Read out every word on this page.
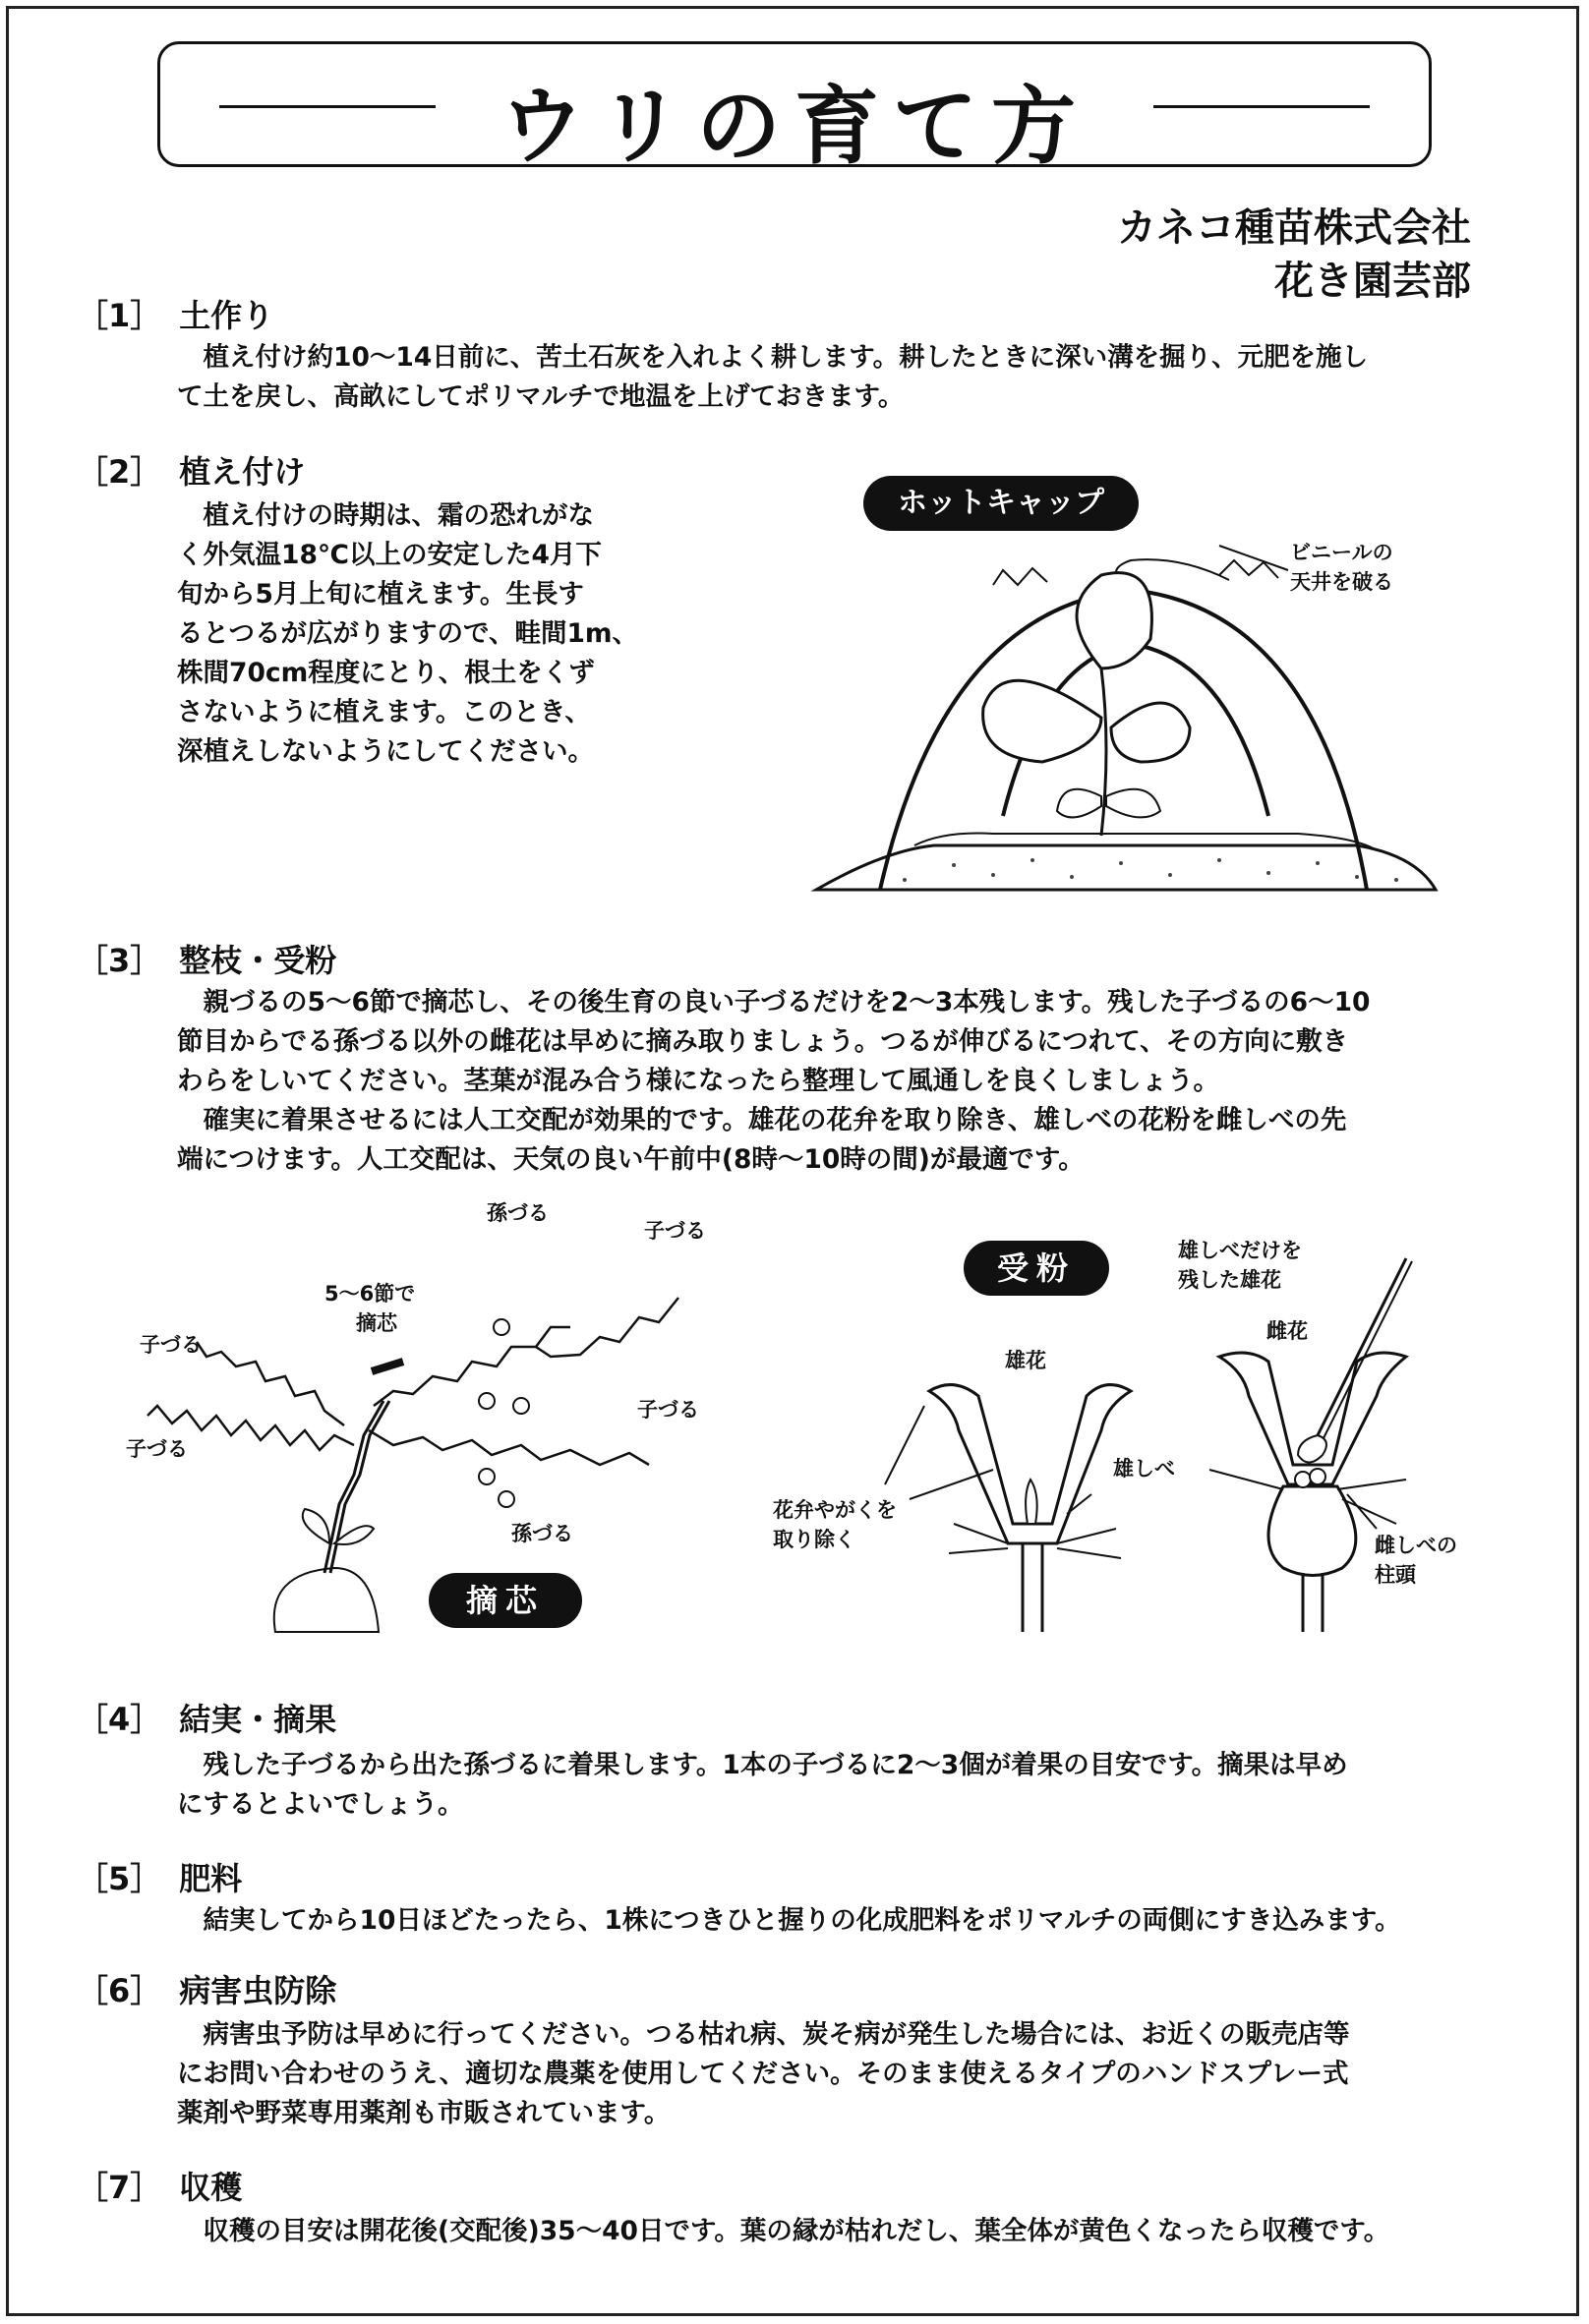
ウリの育て方
カネコ種苗株式会社
花き園芸部
［1］ 土作り
　植え付け約10～14日前に、苦土石灰を入れよく耕します。耕したときに深い溝を掘り、元肥を施し
て土を戻し、高畝にしてポリマルチで地温を上げておきます。
［2］ 植え付け
　植え付けの時期は、霜の恐れがな
く外気温18℃以上の安定した4月下
旬から5月上旬に植えます。生長す
るとつるが広がりますので、畦間1m、
株間70cm程度にとり、根土をくず
さないように植えます。このとき、
深植えしないようにしてください。
ホットキャップ
ビニールの
天井を破る
［3］ 整枝・受粉
　親づるの5～6節で摘芯し、その後生育の良い子づるだけを2～3本残します。残した子づるの6～10
節目からでる孫づる以外の雌花は早めに摘み取りましょう。つるが伸びるにつれて、その方向に敷き
わらをしいてください。茎葉が混み合う様になったら整理して風通しを良くしましょう。
　確実に着果させるには人工交配が効果的です。雄花の花弁を取り除き、雄しべの花粉を雌しべの先
端につけます。人工交配は、天気の良い午前中(8時～10時の間)が最適です。
孫づる
子づる
5～6節で
摘芯
子づる
子づる
子づる
孫づる
摘芯
受粉	雄しべだけを
残した雄花
雄花
雌花
雄しべ
花弁やがくを
取り除く	雌しべの
柱頭
［4］ 結実・摘果
　残した子づるから出た孫づるに着果します。1本の子づるに2～3個が着果の目安です。摘果は早め
にするとよいでしょう。
［5］ 肥料
　結実してから10日ほどたったら、1株につきひと握りの化成肥料をポリマルチの両側にすき込みます。
［6］ 病害虫防除
　病害虫予防は早めに行ってください。つる枯れ病、炭そ病が発生した場合には、お近くの販売店等
にお問い合わせのうえ、適切な農薬を使用してください。そのまま使えるタイプのハンドスプレー式
薬剤や野菜専用薬剤も市販されています。
［7］ 収穫
　収穫の目安は開花後(交配後)35～40日です。葉の縁が枯れだし、葉全体が黄色くなったら収穫です。
